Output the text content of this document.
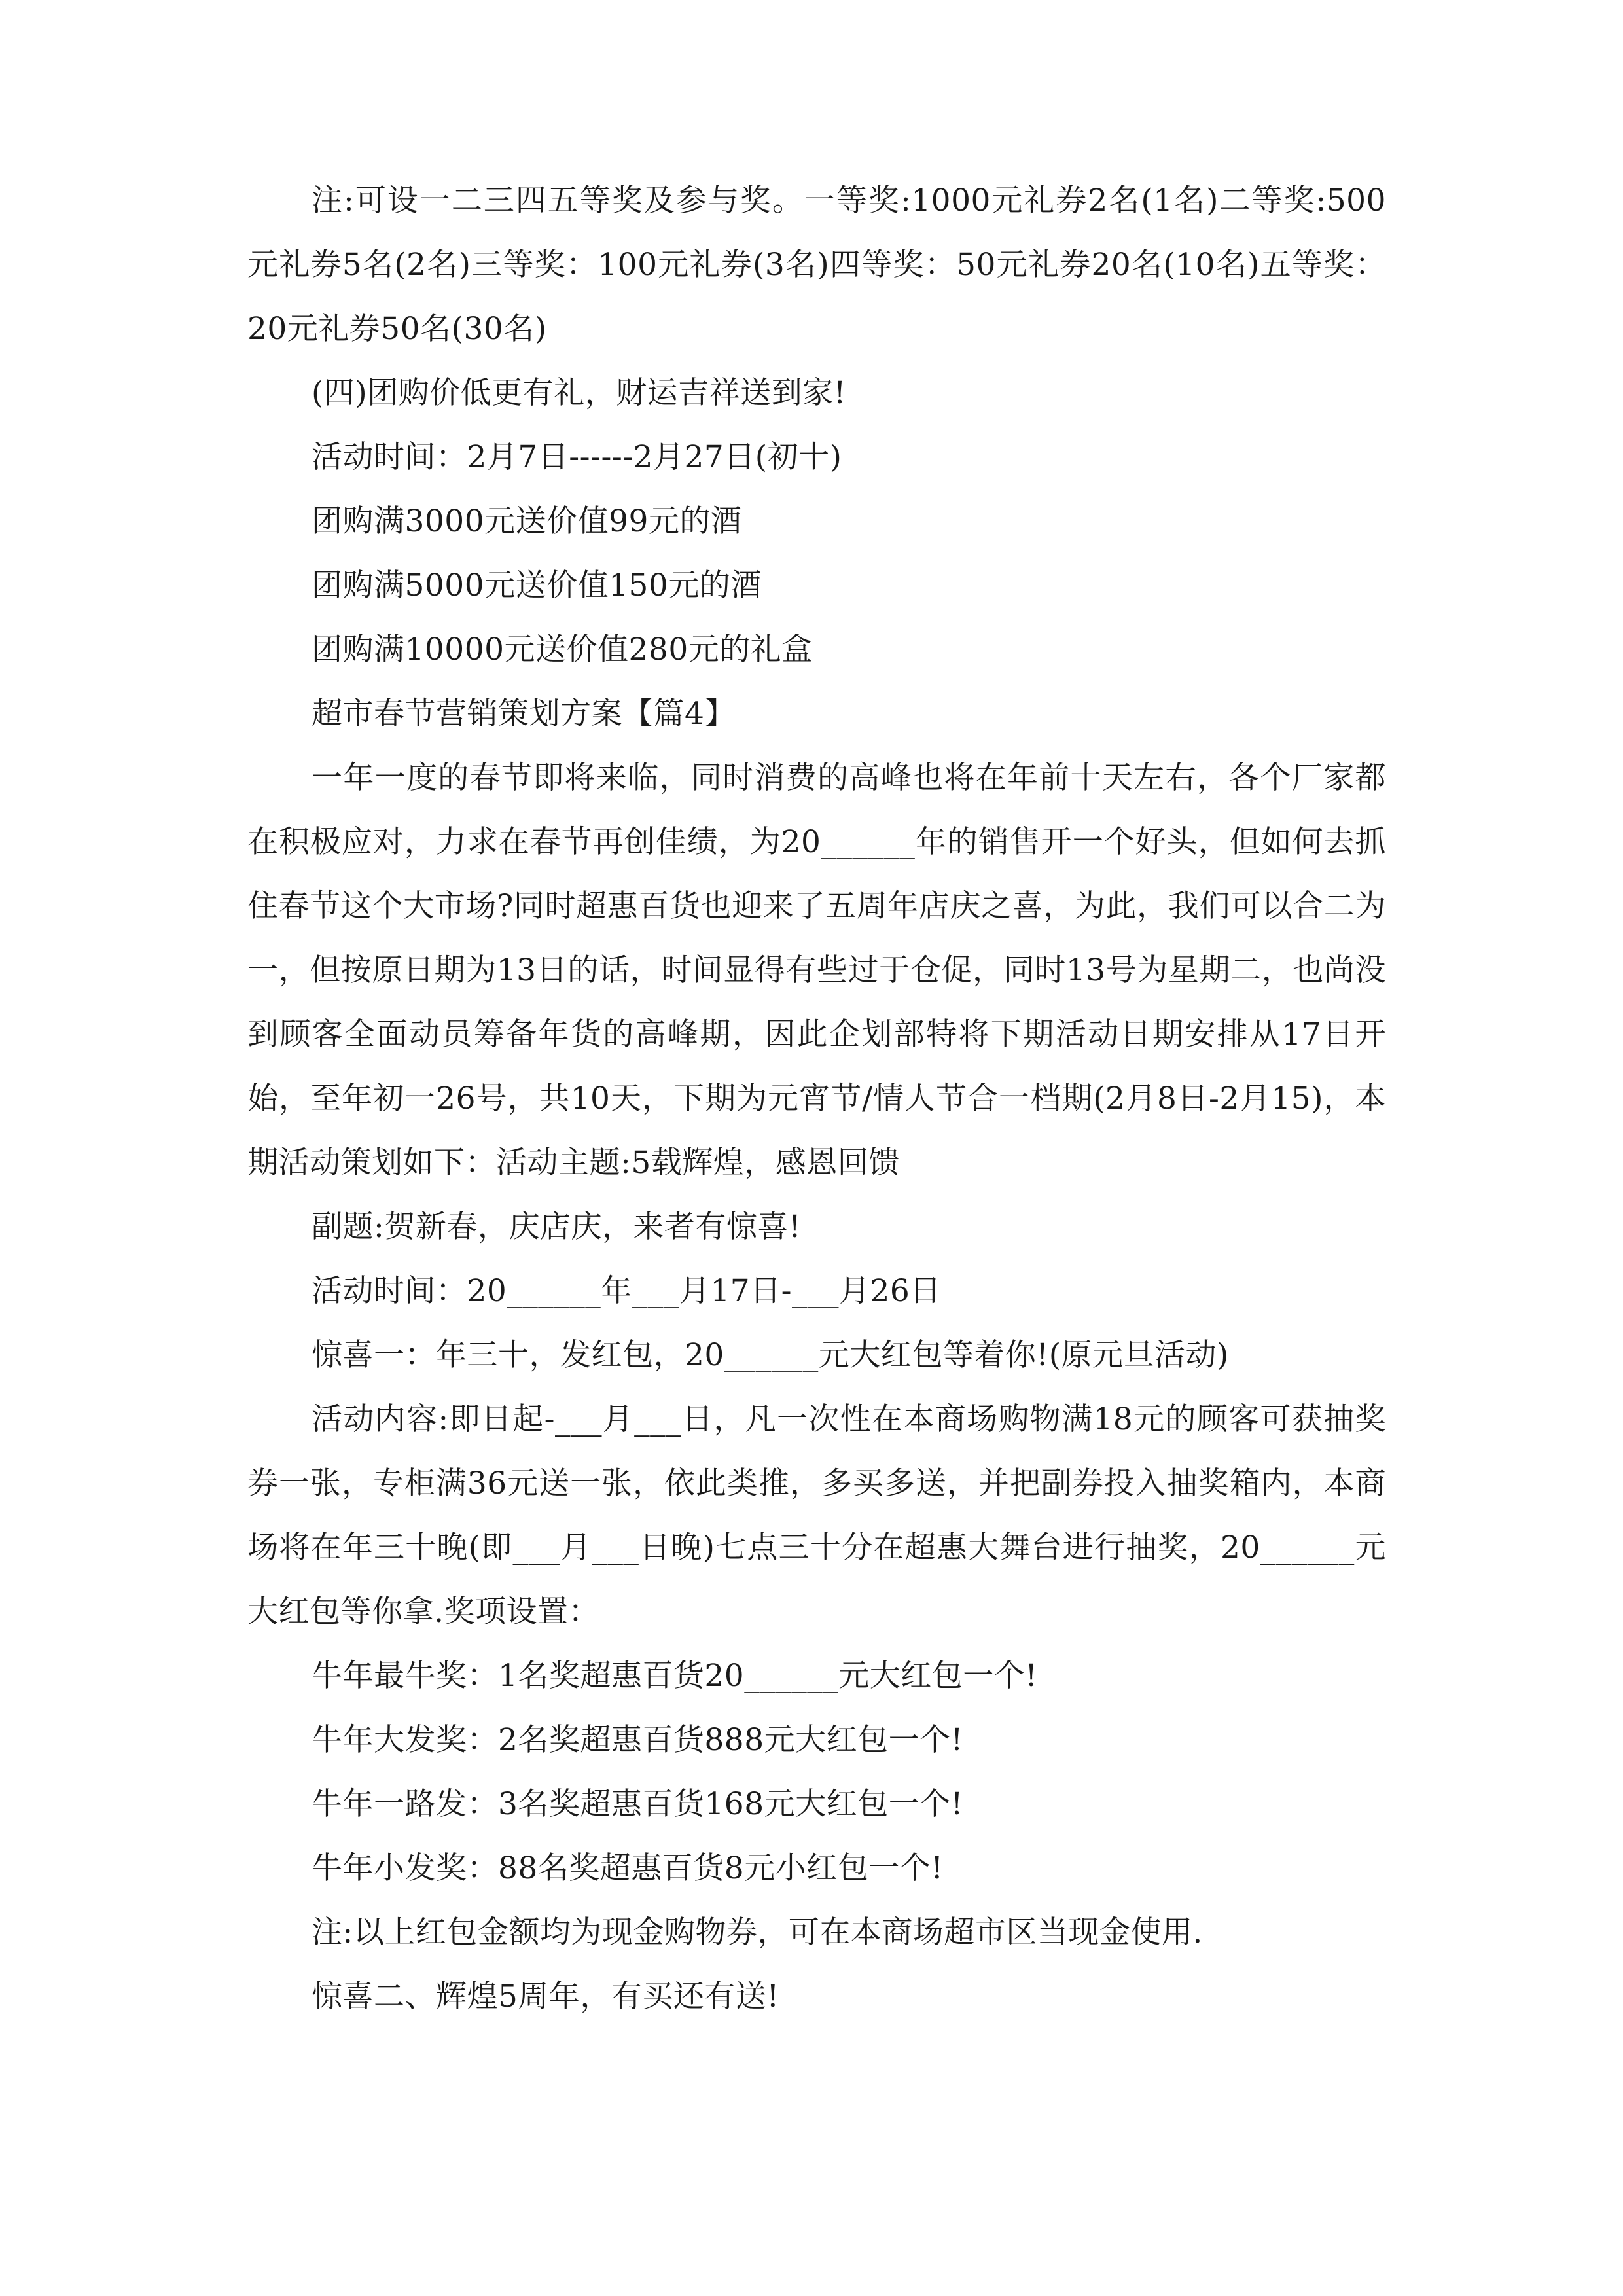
注:可设一二三四五等奖及参与奖。一等奖:1000元礼券2名(1名)二等奖:500元礼券5名(2名)三等奖：100元礼券(3名)四等奖：50元礼券20名(10名)五等奖：20元礼券50名(30名)

(四)团购价低更有礼，财运吉祥送到家!

活动时间：2月7日------2月27日(初十)

团购满3000元送价值99元的酒

团购满5000元送价值150元的酒

团购满10000元送价值280元的礼盒

超市春节营销策划方案【篇4】

一年一度的春节即将来临，同时消费的高峰也将在年前十天左右，各个厂家都在积极应对，力求在春节再创佳绩，为20______年的销售开一个好头，但如何去抓住春节这个大市场?同时超惠百货也迎来了五周年店庆之喜，为此，我们可以合二为一，但按原日期为13日的话，时间显得有些过于仓促，同时13号为星期二，也尚没到顾客全面动员筹备年货的高峰期，因此企划部特将下期活动日期安排从17日开始，至年初一26号，共10天，下期为元宵节/情人节合一档期(2月8日-2月15)，本期活动策划如下：活动主题:5载辉煌，感恩回馈

副题:贺新春，庆店庆，来者有惊喜!

活动时间：20______年___月17日-___月26日

惊喜一：年三十，发红包，20______元大红包等着你!(原元旦活动)

活动内容:即日起-___月___日，凡一次性在本商场购物满18元的顾客可获抽奖券一张，专柜满36元送一张，依此类推，多买多送，并把副券投入抽奖箱内，本商场将在年三十晚(即___月___日晚)七点三十分在超惠大舞台进行抽奖，20______元大红包等你拿.奖项设置：

牛年最牛奖：1名奖超惠百货20______元大红包一个!

牛年大发奖：2名奖超惠百货888元大红包一个!

牛年一路发：3名奖超惠百货168元大红包一个!

牛年小发奖：88名奖超惠百货8元小红包一个!

注:以上红包金额均为现金购物券，可在本商场超市区当现金使用.

惊喜二、辉煌5周年，有买还有送!
